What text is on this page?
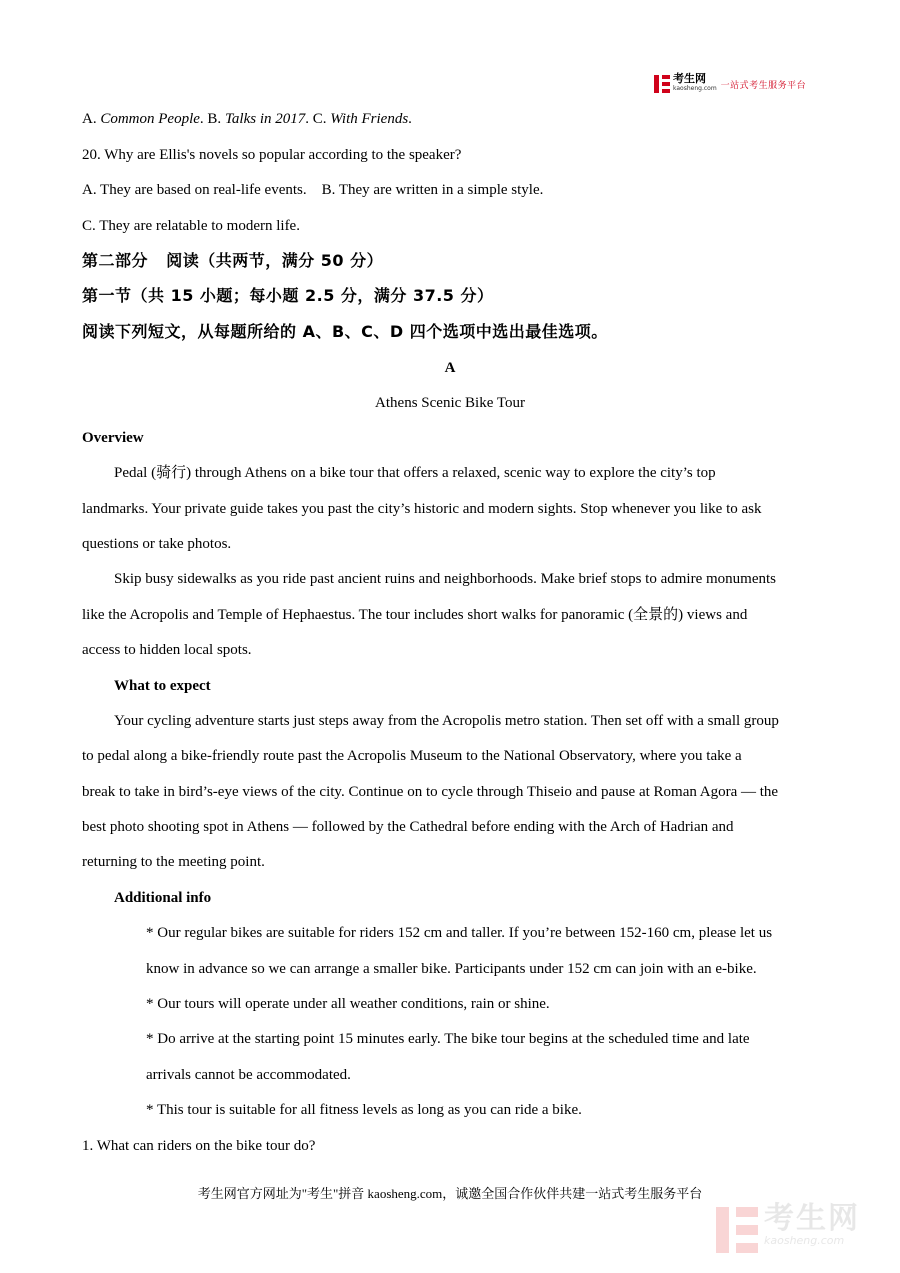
考生网
kaosheng.com 一站式考生服务平台
A. Common People. B. Talks in 2017. C. With Friends.
20. Why are Ellis's novels so popular according to the speaker?
A. They are based on real-life events.    B. They are written in a simple style.
C. They are relatable to modern life.
第二部分   阅读（共两节，满分 50 分）
第一节（共 15 小题；每小题 2.5 分，满分 37.5 分）
阅读下列短文，从每题所给的 A、B、C、D 四个选项中选出最佳选项。
A
Athens Scenic Bike Tour
Overview
Pedal (骑行) through Athens on a bike tour that offers a relaxed, scenic way to explore the city’s top
landmarks. Your private guide takes you past the city’s historic and modern sights. Stop whenever you like to ask
questions or take photos.
Skip busy sidewalks as you ride past ancient ruins and neighborhoods. Make brief stops to admire monuments
like the Acropolis and Temple of Hephaestus. The tour includes short walks for panoramic (全景的) views and
access to hidden local spots.
What to expect
Your cycling adventure starts just steps away from the Acropolis metro station. Then set off with a small group
to pedal along a bike-friendly route past the Acropolis Museum to the National Observatory, where you take a
break to take in bird’s-eye views of the city. Continue on to cycle through Thiseio and pause at Roman Agora — the
best photo shooting spot in Athens — followed by the Cathedral before ending with the Arch of Hadrian and
returning to the meeting point.
Additional info
* Our regular bikes are suitable for riders 152 cm and taller. If you’re between 152-160 cm, please let us
know in advance so we can arrange a smaller bike. Participants under 152 cm can join with an e-bike.
* Our tours will operate under all weather conditions, rain or shine.
* Do arrive at the starting point 15 minutes early. The bike tour begins at the scheduled time and late
arrivals cannot be accommodated.
* This tour is suitable for all fitness levels as long as you can ride a bike.
1. What can riders on the bike tour do?
考生网官方网址为"考生"拼音 kaosheng.com，诚邀全国合作伙伴共建一站式考生服务平台
考生网
kaosheng.com
